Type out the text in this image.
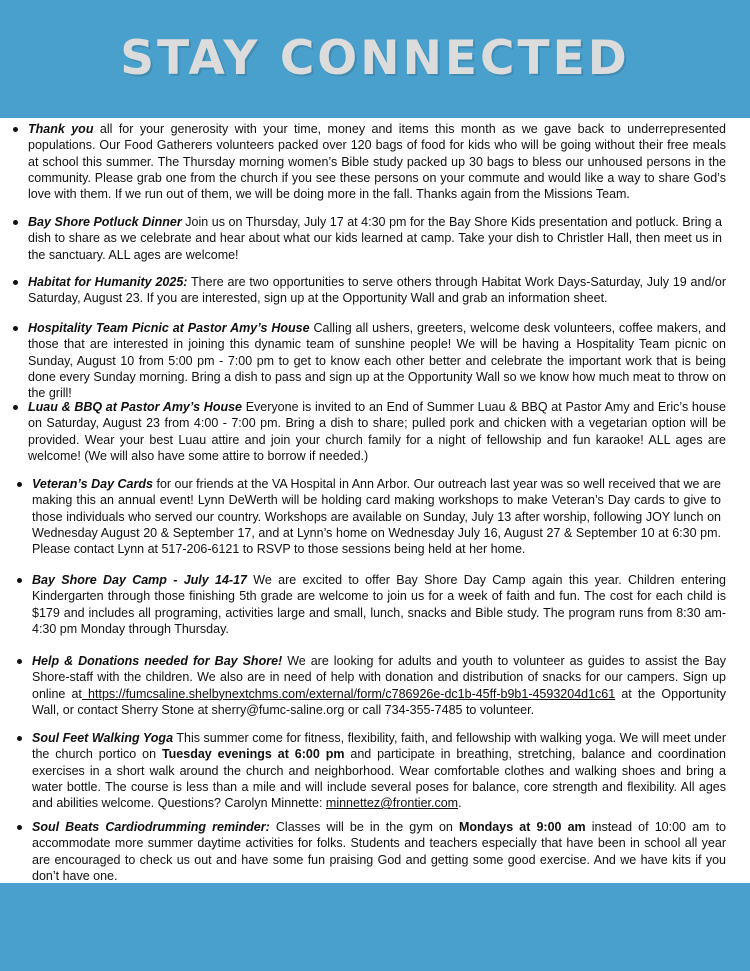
STAY CONNECTED
Thank you all for your generosity with your time, money and items this month as we gave back to underrepresented populations. Our Food Gatherers volunteers packed over 120 bags of food for kids who will be going without their free meals at school this summer. The Thursday morning women’s Bible study packed up 30 bags to bless our unhoused persons in the community. Please grab one from the church if you see these persons on your commute and would like a way to share God’s love with them. If we run out of them, we will be doing more in the fall. Thanks again from the Missions Team.
Bay Shore Potluck Dinner Join us on Thursday, July 17 at 4:30 pm for the Bay Shore Kids presentation and potluck. Bring a dish to share as we celebrate and hear about what our kids learned at camp. Take your dish to Christler Hall, then meet us in the sanctuary. ALL ages are welcome!
Habitat for Humanity 2025: There are two opportunities to serve others through Habitat Work Days-Saturday, July 19 and/or Saturday, August 23. If you are interested, sign up at the Opportunity Wall and grab an information sheet.
Hospitality Team Picnic at Pastor Amy’s House Calling all ushers, greeters, welcome desk volunteers, coffee makers, and those that are interested in joining this dynamic team of sunshine people! We will be having a Hospitality Team picnic on Sunday, August 10 from 5:00 pm - 7:00 pm to get to know each other better and celebrate the important work that is being done every Sunday morning. Bring a dish to pass and sign up at the Opportunity Wall so we know how much meat to throw on the grill!
Luau & BBQ at Pastor Amy’s House Everyone is invited to an End of Summer Luau & BBQ at Pastor Amy and Eric’s house on Saturday, August 23 from 4:00 - 7:00 pm. Bring a dish to share; pulled pork and chicken with a vegetarian option will be provided. Wear your best Luau attire and join your church family for a night of fellowship and fun karaoke! ALL ages are welcome! (We will also have some attire to borrow if needed.)
Veteran’s Day Cards for our friends at the VA Hospital in Ann Arbor. Our outreach last year was so well received that we are making this an annual event! Lynn DeWerth will be holding card making workshops to make Veteran’s Day cards to give to those individuals who served our country. Workshops are available on Sunday, July 13 after worship, following JOY lunch on Wednesday August 20 & September 17, and at Lynn’s home on Wednesday July 16, August 27 & September 10 at 6:30 pm. Please contact Lynn at 517-206-6121 to RSVP to those sessions being held at her home.
Bay Shore Day Camp - July 14-17 We are excited to offer Bay Shore Day Camp again this year. Children entering Kindergarten through those finishing 5th grade are welcome to join us for a week of faith and fun. The cost for each child is $179 and includes all programing, activities large and small, lunch, snacks and Bible study. The program runs from 8:30 am-4:30 pm Monday through Thursday.
Help & Donations needed for Bay Shore! We are looking for adults and youth to volunteer as guides to assist the Bay Shore-staff with the children. We also are in need of help with donation and distribution of snacks for our campers. Sign up online at https://fumcsaline.shelbynextchms.com/external/form/c786926e-dc1b-45ff-b9b1-4593204d1c61 at the Opportunity Wall, or contact Sherry Stone at sherry@fumc-saline.org or call 734-355-7485 to volunteer.
Soul Feet Walking Yoga This summer come for fitness, flexibility, faith, and fellowship with walking yoga. We will meet under the church portico on Tuesday evenings at 6:00 pm and participate in breathing, stretching, balance and coordination exercises in a short walk around the church and neighborhood. Wear comfortable clothes and walking shoes and bring a water bottle. The course is less than a mile and will include several poses for balance, core strength and flexibility. All ages and abilities welcome. Questions? Carolyn Minnette: minnettez@frontier.com.
Soul Beats Cardiodrumming reminder: Classes will be in the gym on Mondays at 9:00 am instead of 10:00 am to accommodate more summer daytime activities for folks. Students and teachers especially that have been in school all year are encouraged to check us out and have some fun praising God and getting some good exercise. And we have kits if you don’t have one.
